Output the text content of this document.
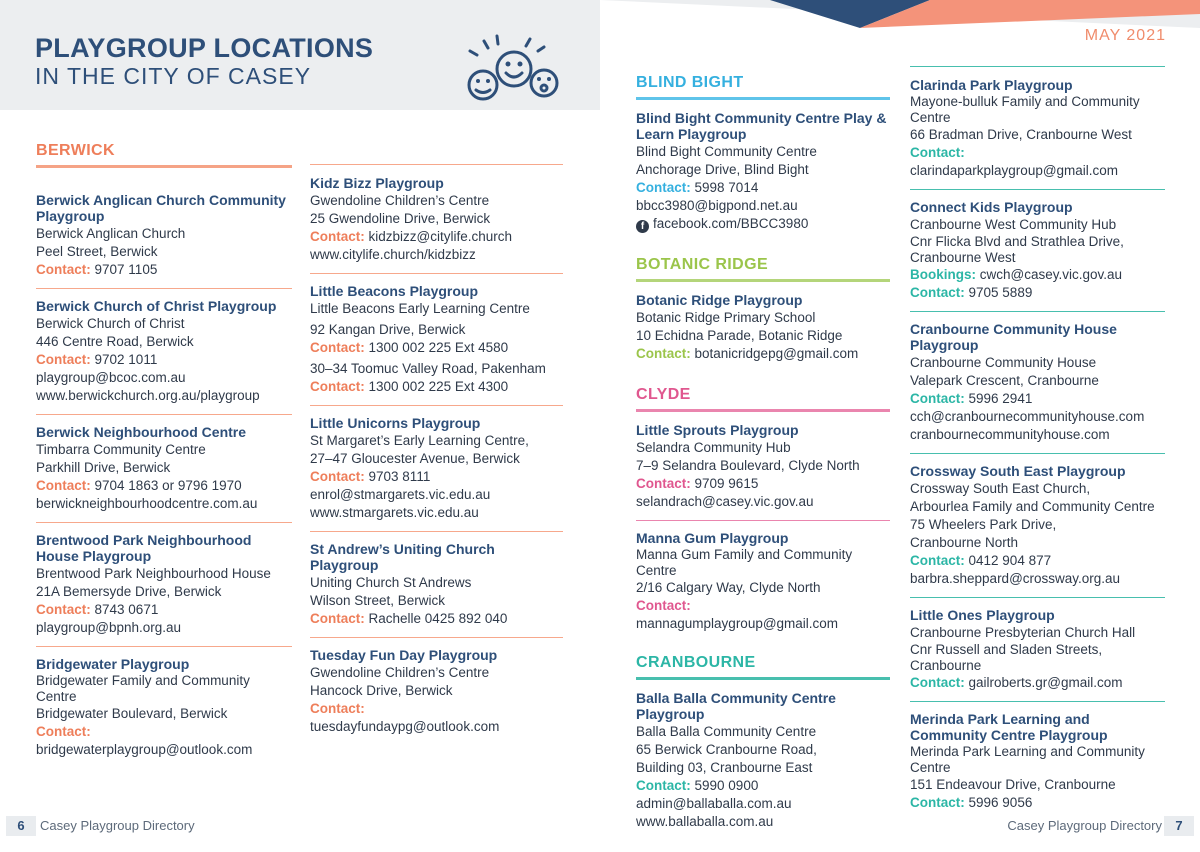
PLAYGROUP LOCATIONS
IN THE CITY OF CASEY
MAY 2021
BERWICK
Berwick Anglican Church Community Playgroup
Berwick Anglican Church
Peel Street, Berwick
Contact: 9707 1105
Berwick Church of Christ Playgroup
Berwick Church of Christ
446 Centre Road, Berwick
Contact: 9702 1011
playgroup@bcoc.com.au
www.berwickchurch.org.au/playgroup
Berwick Neighbourhood Centre
Timbarra Community Centre
Parkhill Drive, Berwick
Contact: 9704 1863 or 9796 1970
berwickneighbourhoodcentre.com.au
Brentwood Park Neighbourhood House Playgroup
Brentwood Park Neighbourhood House
21A Bemersyde Drive, Berwick
Contact: 8743 0671
playgroup@bpnh.org.au
Bridgewater Playgroup
Bridgewater Family and Community Centre
Bridgewater Boulevard, Berwick
Contact:
bridgewaterplaygroup@outlook.com
Kidz Bizz Playgroup
Gwendoline Children’s Centre
25 Gwendoline Drive, Berwick
Contact: kidzbizz@citylife.church
www.citylife.church/kidzbizz
Little Beacons Playgroup
Little Beacons Early Learning Centre
92 Kangan Drive, Berwick
Contact: 1300 002 225 Ext 4580
30–34 Toomuc Valley Road, Pakenham
Contact: 1300 002 225 Ext 4300
Little Unicorns Playgroup
St Margaret’s Early Learning Centre,
27–47 Gloucester Avenue, Berwick
Contact: 9703 8111
enrol@stmargarets.vic.edu.au
www.stmargarets.vic.edu.au
St Andrew’s Uniting Church Playgroup
Uniting Church St Andrews
Wilson Street, Berwick
Contact: Rachelle 0425 892 040
Tuesday Fun Day Playgroup
Gwendoline Children’s Centre
Hancock Drive, Berwick
Contact:
tuesdayfundaypg@outlook.com
BLIND BIGHT
Blind Bight Community Centre Play & Learn Playgroup
Blind Bight Community Centre
Anchorage Drive, Blind Bight
Contact: 5998 7014
bbcc3980@bigpond.net.au
f facebook.com/BBCC3980
BOTANIC RIDGE
Botanic Ridge Playgroup
Botanic Ridge Primary School
10 Echidna Parade, Botanic Ridge
Contact: botanicridgepg@gmail.com
CLYDE
Little Sprouts Playgroup
Selandra Community Hub
7–9 Selandra Boulevard, Clyde North
Contact: 9709 9615
selandrach@casey.vic.gov.au
Manna Gum Playgroup
Manna Gum Family and Community Centre
2/16 Calgary Way, Clyde North
Contact:
mannagumplaygroup@gmail.com
CRANBOURNE
Balla Balla Community Centre Playgroup
Balla Balla Community Centre
65 Berwick Cranbourne Road,
Building 03, Cranbourne East
Contact: 5990 0900
admin@ballaballa.com.au
www.ballaballa.com.au
Clarinda Park Playgroup
Mayone-bulluk Family and Community Centre
66 Bradman Drive, Cranbourne West
Contact:
clarindaparkplaygroup@gmail.com
Connect Kids Playgroup
Cranbourne West Community Hub
Cnr Flicka Blvd and Strathlea Drive, Cranbourne West
Bookings: cwch@casey.vic.gov.au
Contact: 9705 5889
Cranbourne Community House Playgroup
Cranbourne Community House
Valepark Crescent, Cranbourne
Contact: 5996 2941
cch@cranbournecommunityhouse.com
cranbournecommunityhouse.com
Crossway South East Playgroup
Crossway South East Church,
Arbourlea Family and Community Centre
75 Wheelers Park Drive,
Cranbourne North
Contact: 0412 904 877
barbra.sheppard@crossway.org.au
Little Ones Playgroup
Cranbourne Presbyterian Church Hall
Cnr Russell and Sladen Streets, Cranbourne
Contact: gailroberts.gr@gmail.com
Merinda Park Learning and Community Centre Playgroup
Merinda Park Learning and Community Centre
151 Endeavour Drive, Cranbourne
Contact: 5996 9056
6	Casey Playgroup Directory	Casey Playgroup Directory	7
